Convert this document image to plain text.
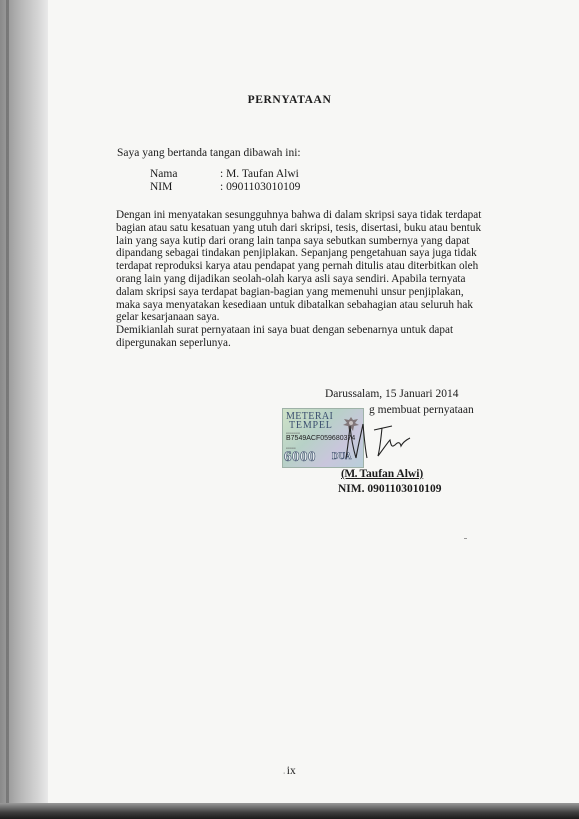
PERNYATAAN
Saya yang bertanda tangan dibawah ini:
Nama	: M. Taufan Alwi
NIM	: 0901103010109
Dengan ini menyatakan sesungguhnya bahwa di dalam skripsi saya tidak terdapat
bagian atau satu kesatuan yang utuh dari skripsi, tesis, disertasi, buku atau bentuk
lain yang saya kutip dari orang lain tanpa saya sebutkan sumbernya yang dapat
dipandang sebagai tindakan penjiplakan. Sepanjang pengetahuan saya juga tidak
terdapat reproduksi karya atau pendapat yang pernah ditulis atau diterbitkan oleh
orang lain yang dijadikan seolah-olah karya asli saya sendiri. Apabila ternyata
dalam skripsi saya terdapat bagian-bagian yang memenuhi unsur penjiplakan,
maka saya menyatakan kesediaan untuk dibatalkan sebahagian atau seluruh hak
gelar kesarjanaan saya.
Demikianlah surat pernyataan ini saya buat dengan sebenarnya untuk dapat
dipergunakan seperlunya.
Darussalam, 15 Januari 2014
g membuat pernyataan
METERAI
TEMPEL
▪▪▪▪▪▪▪▪▪▪▪▪▪
B7549ACF059680374
▪▪▪▪▪▪▪▪▪
6000 DUA
(M. Taufan Alwi)
NIM. 0901103010109
. ix
